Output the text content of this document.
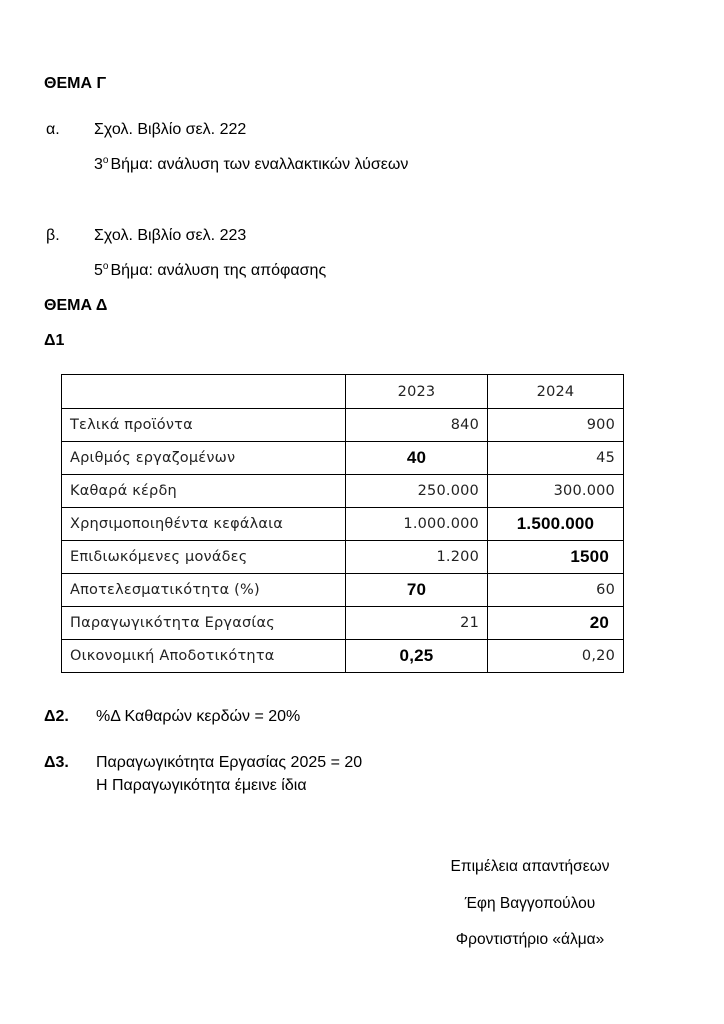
ΘΕΜΑ Γ
α. Σχολ. Βιβλίο σελ. 222
$3^o$ Βήμα: ανάλυση των εναλλακτικών λύσεων
β. Σχολ. Βιβλίο σελ. 223
$5^o$ Βήμα: ανάλυση της απόφασης
ΘΕΜΑ Δ
Δ1
	2023	2024
Τελικά προϊόντα	840	900
Αριθμός εργαζομένων	40	45
Καθαρά κέρδη	250.000	300.000
Χρησιμοποιηθέντα κεφάλαια	1.000.000	1.500.000
Επιδιωκόμενες μονάδες	1.200	1500
Αποτελεσματικότητα (%)	70	60
Παραγωγικότητα Εργασίας	21	20
Οικονομική Αποδοτικότητα	0,25	0,20
Δ2. %Δ Καθαρών κερδών = 20%
Δ3. Παραγωγικότητα Εργασίας 2025 = 20
Η Παραγωγικότητα έμεινε ίδια
Επιμέλεια απαντήσεων
Έφη Βαγγοπούλου
Φροντιστήριο «άλμα»
